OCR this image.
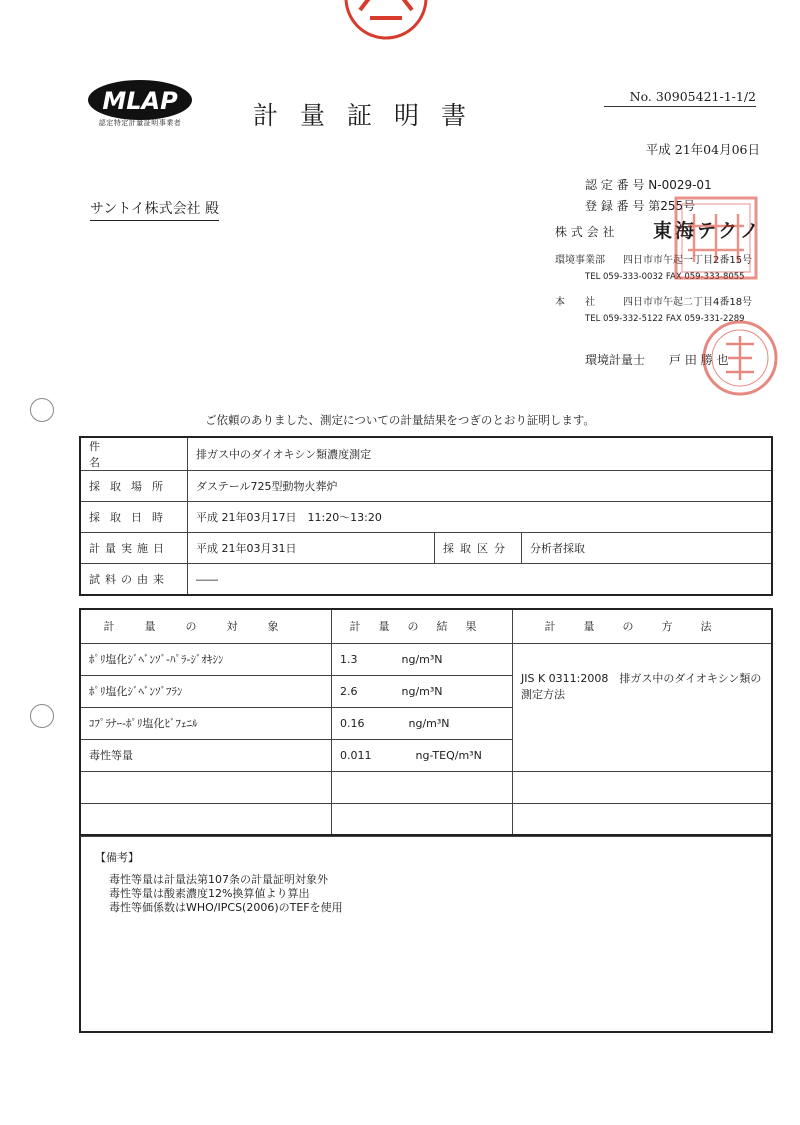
MLAP
認定特定計量証明事業者	計量証明書
No. 30905421-1-1/2
平成 21年04月06日
サントイ株式会社 殿
認 定 番 号 N-0029-01
登 録 番 号 第255号
株 式 会 社 東海テクノ
環境事業部 四日市市午起一丁目2番15号
TEL 059-333-0032 FAX 059-333-8055
本　　社	四日市市午起二丁目4番18号
TEL 059-332-5122 FAX 059-331-2289
環境計量士 戸 田 勝 也
ご依頼のありました、測定についての計量結果をつぎのとおり証明します。
件名	排ガス中のダイオキシン類濃度測定		
採取場所	ダステール725型動物火葬炉		
採取日時	平成 21年03月17日　11:20～13:20		
計量実施日	平成 21年03月31日	採取区分	分析者採取
試料の由来	――		
計量の対象	計量の結果	計量の方法
ﾎﾟﾘ塩化ｼﾞﾍﾞﾝｿﾞ-ﾊﾟﾗ-ｼﾞｵｷｼﾝ	1.3 ng/m³N	JIS K 0311:2008　排ガス中のダイオキシン類の測定方法
ﾎﾟﾘ塩化ｼﾞﾍﾞﾝｿﾞﾌﾗﾝ	2.6 ng/m³N	
ｺﾌﾟﾗﾅｰ-ﾎﾟﾘ塩化ﾋﾞﾌｪﾆﾙ	0.16 ng/m³N	
毒性等量	0.011 ng-TEQ/m³N	

【備考】
毒性等量は計量法第107条の計量証明対象外
毒性等量は酸素濃度12%換算値より算出
毒性等価係数はWHO/IPCS(2006)のTEFを使用
